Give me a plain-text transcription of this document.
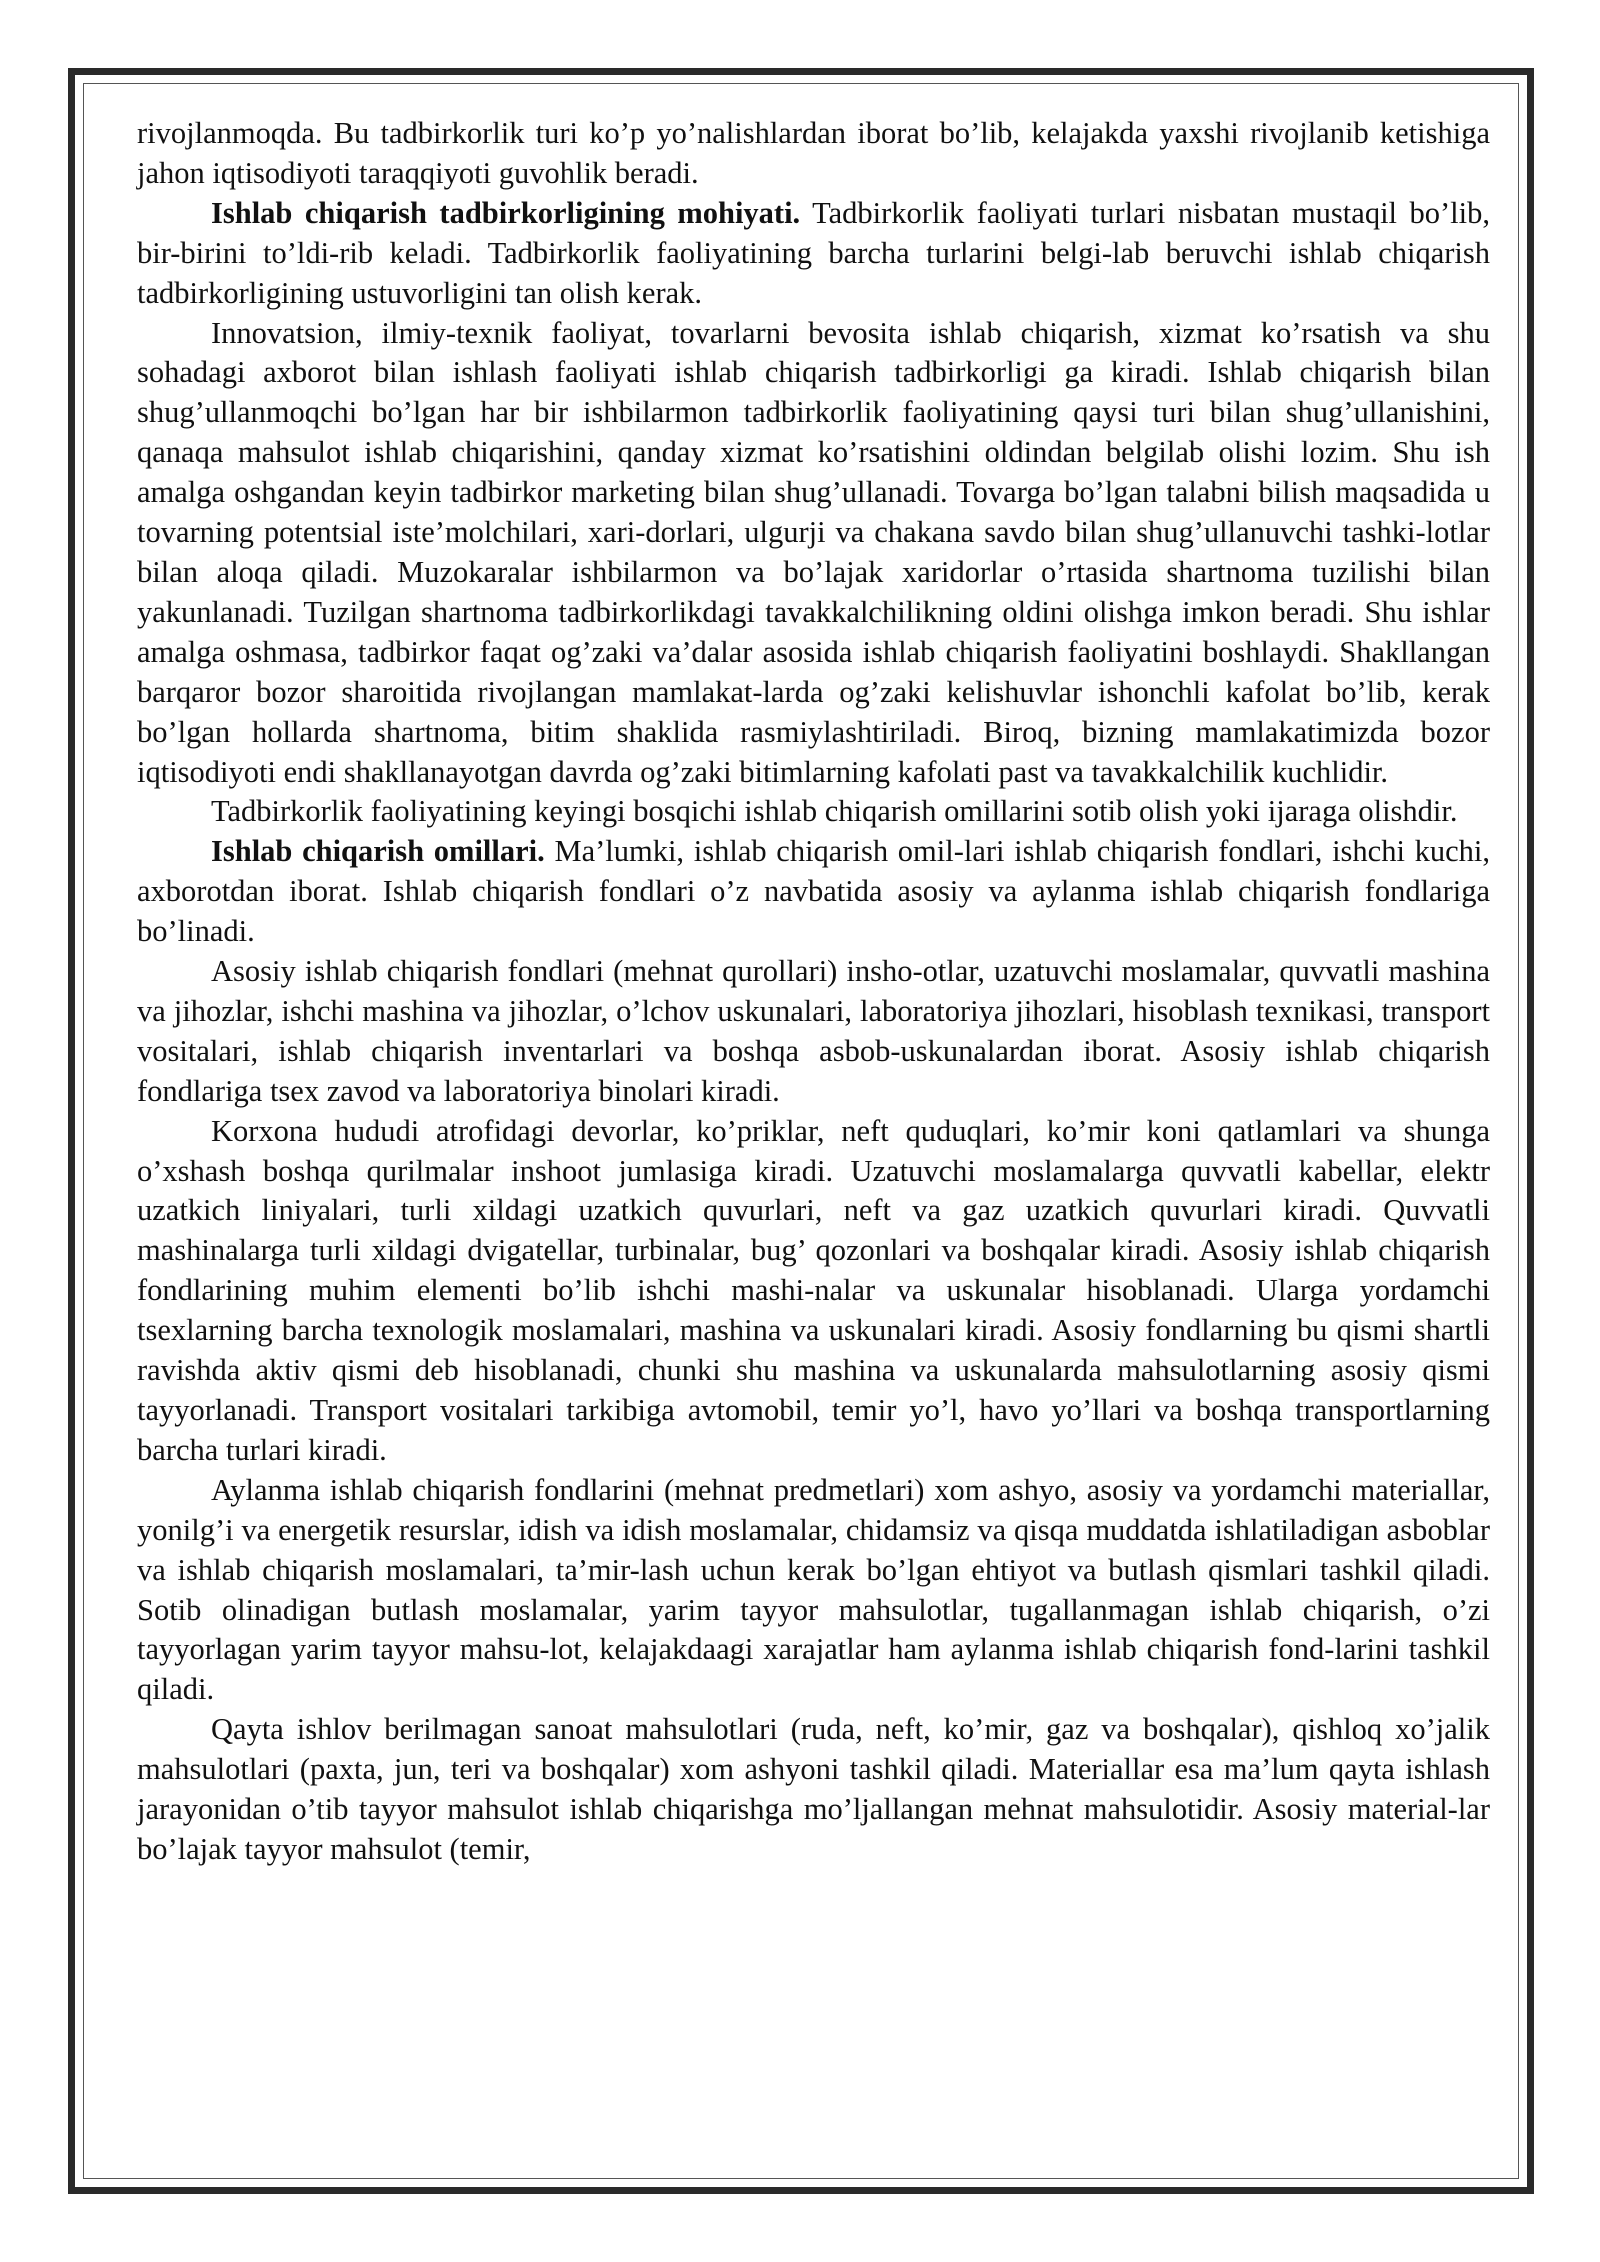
rivojlanmoqda. Bu tadbirkorlik turi ko’p yo’nalishlardan iborat bo’lib, kelajakda yaxshi rivojlanib ketishiga jahon iqtisodiyoti taraqqiyoti guvohlik beradi.

Ishlab chiqarish tadbirkorligining mohiyati. Tadbirkorlik faoliyati turlari nisbatan mustaqil bo’lib, bir-birini to’ldi-rib keladi. Tadbirkorlik faoliyatining barcha turlarini belgi-lab beruvchi ishlab chiqarish tadbirkorligining ustuvorligini tan olish kerak.

Innovatsion, ilmiy-texnik faoliyat, tovarlarni bevosita ishlab chiqarish, xizmat ko’rsatish va shu sohadagi axborot bilan ishlash faoliyati ishlab chiqarish tadbirkorligi ga kiradi. Ishlab chiqarish bilan shug’ullanmoqchi bo’lgan har bir ishbilarmon tadbirkorlik faoliyatining qaysi turi bilan shug’ullanishini, qanaqa mahsulot ishlab chiqarishini, qanday xizmat ko’rsatishini oldindan belgilab olishi lozim. Shu ish amalga oshgandan keyin tadbirkor marketing bilan shug’ullanadi. Tovarga bo’lgan talabni bilish maqsadida u tovarning potentsial iste’molchilari, xari-dorlari, ulgurji va chakana savdo bilan shug’ullanuvchi tashki-lotlar bilan aloqa qiladi. Muzokaralar ishbilarmon va bo’lajak xaridorlar o’rtasida shartnoma tuzilishi bilan yakunlanadi. Tuzilgan shartnoma tadbirkorlikdagi tavakkalchilikning oldini olishga imkon beradi. Shu ishlar amalga oshmasa, tadbirkor faqat og’zaki va’dalar asosida ishlab chiqarish faoliyatini boshlaydi. Shakllangan barqaror bozor sharoitida rivojlangan mamlakat-larda og’zaki kelishuvlar ishonchli kafolat bo’lib, kerak bo’lgan hollarda shartnoma, bitim shaklida rasmiylashtiriladi. Biroq, bizning mamlakatimizda bozor iqtisodiyoti endi shakllanayotgan davrda og’zaki bitimlarning kafolati past va tavakkalchilik kuchlidir.

Tadbirkorlik faoliyatining keyingi bosqichi ishlab chiqarish omillarini sotib olish yoki ijaraga olishdir.

Ishlab chiqarish omillari. Ma’lumki, ishlab chiqarish omil-lari ishlab chiqarish fondlari, ishchi kuchi, axborotdan iborat. Ishlab chiqarish fondlari o’z navbatida asosiy va aylanma ishlab chiqarish fondlariga bo’linadi.

Asosiy ishlab chiqarish fondlari (mehnat qurollari) insho-otlar, uzatuvchi moslamalar, quvvatli mashina va jihozlar, ishchi mashina va jihozlar, o’lchov uskunalari, laboratoriya jihozlari, hisoblash texnikasi, transport vositalari, ishlab chiqarish inventarlari va boshqa asbob-uskunalardan iborat. Asosiy ishlab chiqarish fondlariga tsex zavod va laboratoriya binolari kiradi.

Korxona hududi atrofidagi devorlar, ko’priklar, neft quduqlari, ko’mir koni qatlamlari va shunga o’xshash boshqa qurilmalar inshoot jumlasiga kiradi. Uzatuvchi moslamalarga quvvatli kabellar, elektr uzatkich liniyalari, turli xildagi uzatkich quvurlari, neft va gaz uzatkich quvurlari kiradi. Quvvatli mashinalarga turli xildagi dvigatellar, turbinalar, bug’ qozonlari va boshqalar kiradi. Asosiy ishlab chiqarish fondlarining muhim elementi bo’lib ishchi mashi-nalar va uskunalar hisoblanadi. Ularga yordamchi tsexlarning barcha texnologik moslamalari, mashina va uskunalari kiradi. Asosiy fondlarning bu qismi shartli ravishda aktiv qismi deb hisoblanadi, chunki shu mashina va uskunalarda mahsulotlarning asosiy qismi tayyorlanadi. Transport vositalari tarkibiga avtomobil, temir yo’l, havo yo’llari va boshqa transportlarning barcha turlari kiradi.

Aylanma ishlab chiqarish fondlarini (mehnat predmetlari) xom ashyo, asosiy va yordamchi materiallar, yonilg’i va energetik resurslar, idish va idish moslamalar, chidamsiz va qisqa muddatda ishlatiladigan asboblar va ishlab chiqarish moslamalari, ta’mir-lash uchun kerak bo’lgan ehtiyot va butlash qismlari tashkil qiladi. Sotib olinadigan butlash moslamalar, yarim tayyor mahsulotlar, tugallanmagan ishlab chiqarish, o’zi tayyorlagan yarim tayyor mahsu-lot, kelajakdaagi xarajatlar ham aylanma ishlab chiqarish fond-larini tashkil qiladi.

Qayta ishlov berilmagan sanoat mahsulotlari (ruda, neft, ko’mir, gaz va boshqalar), qishloq xo’jalik mahsulotlari (paxta, jun, teri va boshqalar) xom ashyoni tashkil qiladi. Materiallar esa ma’lum qayta ishlash jarayonidan o’tib tayyor mahsulot ishlab chiqarishga mo’ljallangan mehnat mahsulotidir. Asosiy material-lar bo’lajak tayyor mahsulot (temir,
